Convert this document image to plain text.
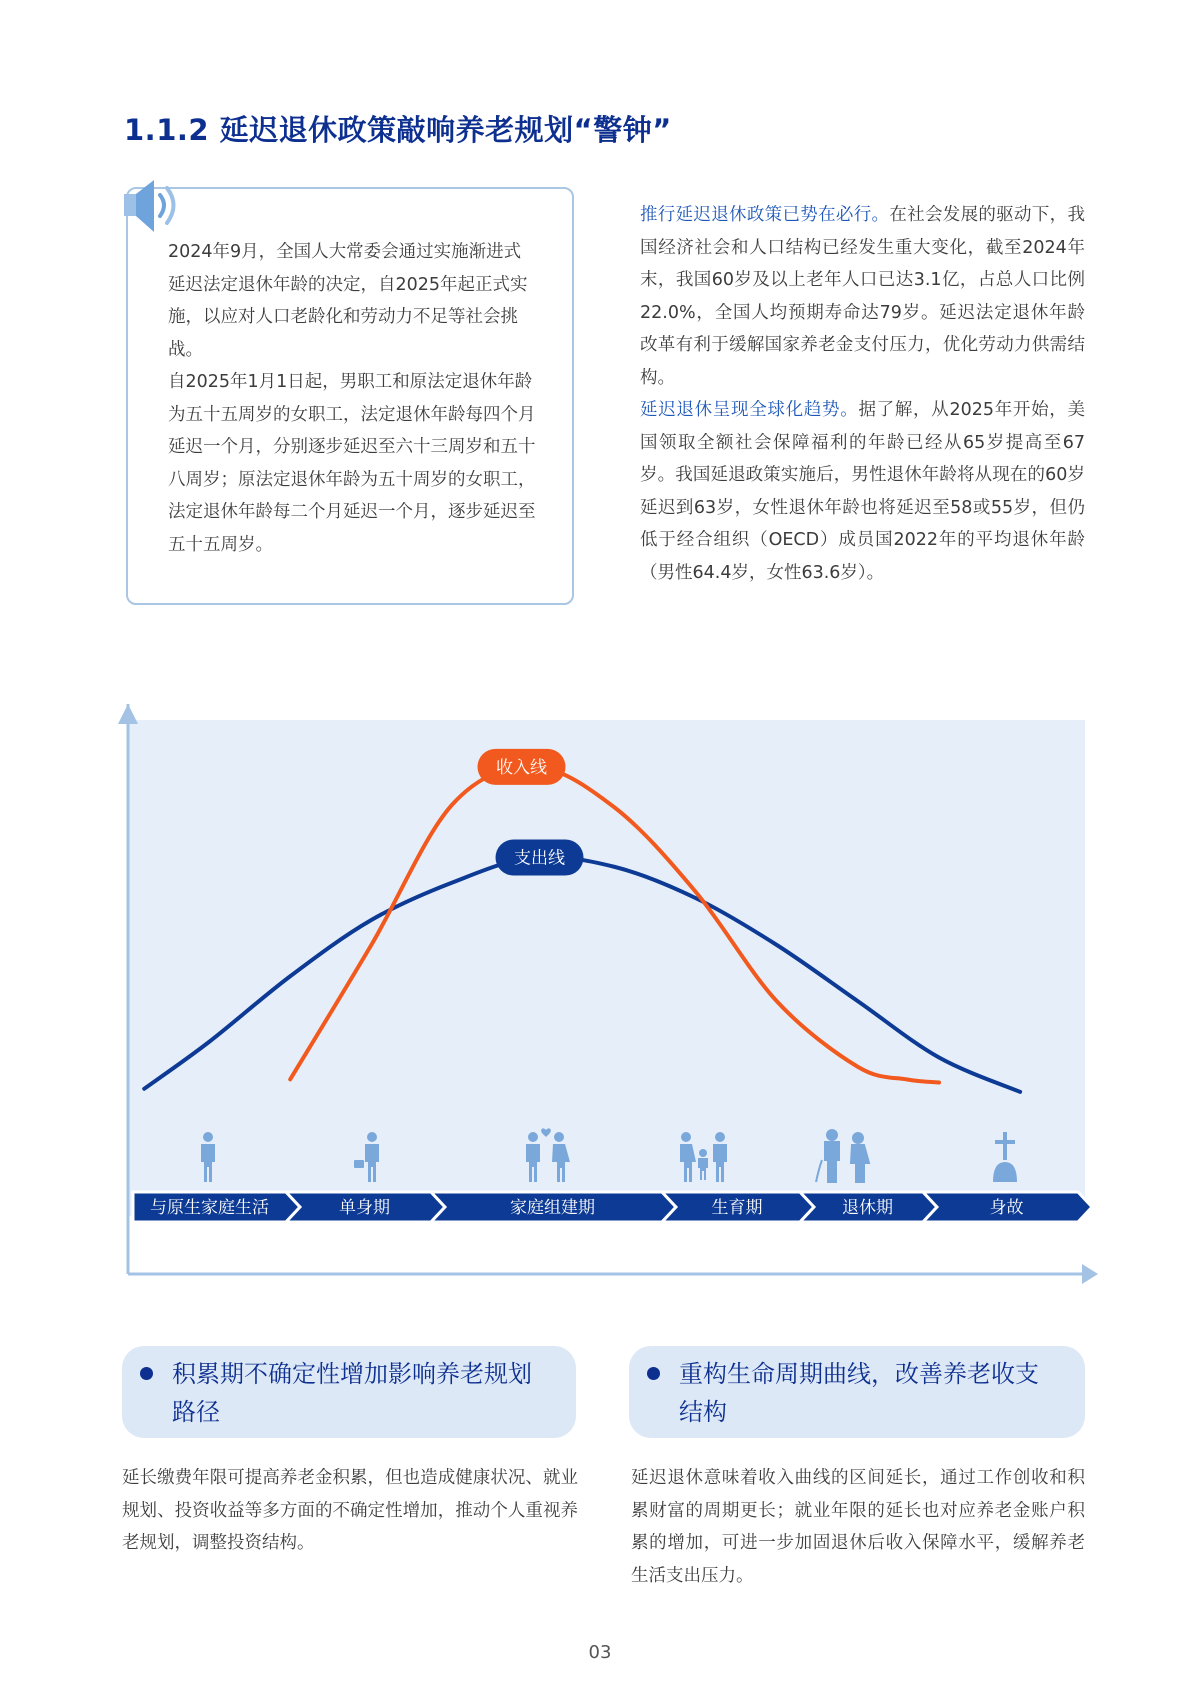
1.1.2 延迟退休政策敲响养老规划“警钟”

2024年9月，全国人大常委会通过实施渐进式延迟法定退休年龄的决定，自2025年起正式实施，以应对人口老龄化和劳动力不足等社会挑战。

自2025年1月1日起，男职工和原法定退休年龄为五十五周岁的女职工，法定退休年龄每四个月延迟一个月，分别逐步延迟至六十三周岁和五十八周岁；原法定退休年龄为五十周岁的女职工，法定退休年龄每二个月延迟一个月，逐步延迟至五十五周岁。

推行延迟退休政策已势在必行。在社会发展的驱动下，我国经济社会和人口结构已经发生重大变化，截至2024年末，我国60岁及以上老年人口已达3.1亿，占总人口比例22.0%，全国人均预期寿命达79岁。延迟法定退休年龄改革有利于缓解国家养老金支付压力，优化劳动力供需结构。

延迟退休呈现全球化趋势。据了解，从2025年开始，美国领取全额社会保障福利的年龄已经从65岁提高至67岁。我国延退政策实施后，男性退休年龄将从现在的60岁延迟到63岁，女性退休年龄也将延迟至58或55岁，但仍低于经合组织（OECD）成员国2022年的平均退休年龄（男性64.4岁，女性63.6岁）。

与原生家庭生活	单身期	家庭组建期	生育期	退休期	身故
支出线
收入线
积累期不确定性增加影响养老规划路径
重构生命周期曲线，改善养老收支结构
延长缴费年限可提高养老金积累，但也造成健康状况、就业规划、投资收益等多方面的不确定性增加，推动个人重视养老规划，调整投资结构。
延迟退休意味着收入曲线的区间延长，通过工作创收和积累财富的周期更长；就业年限的延长也对应养老金账户积累的增加，可进一步加固退休后收入保障水平，缓解养老生活支出压力。
03
